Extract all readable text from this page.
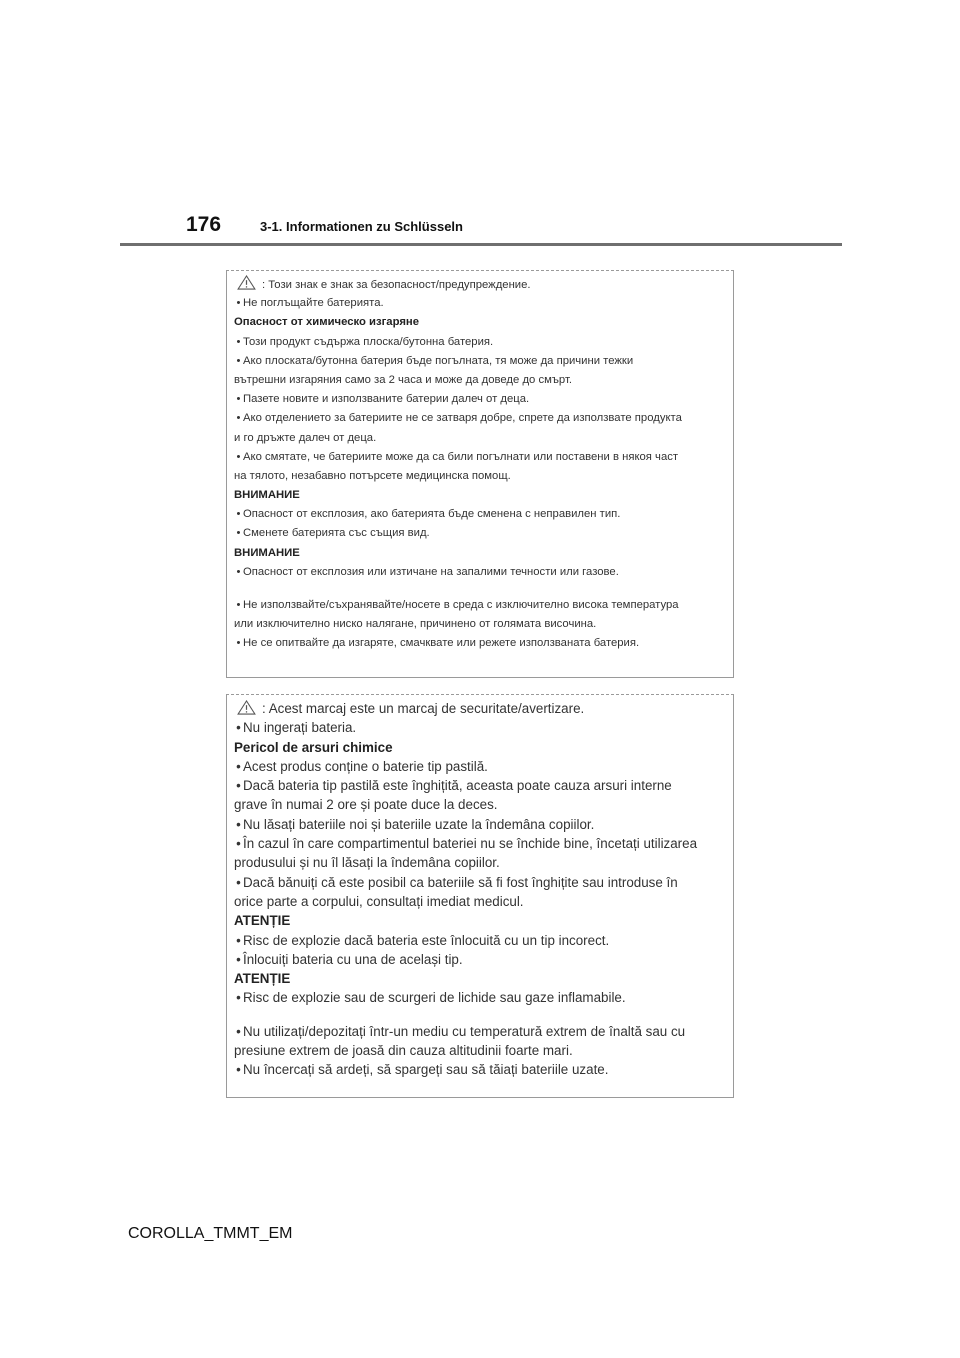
176	3-1. Informationen zu Schlüsseln
: Този знак е знак за безопасност/предупреждение.
• Не поглъщайте батерията.
Опасност от химическо изгаряне
• Този продукт съдържа плоска/бутонна батерия.
• Ако плоската/бутонна батерия бъде погълната, тя може да причини тежки
вътрешни изгаряния само за 2 часа и може да доведе до смърт.
• Пазете новите и използваните батерии далеч от деца.
• Ако отделението за батериите не се затваря добре, спрете да използвате продукта
и го дръжте далеч от деца.
• Ако смятате, че батериите може да са били погълнати или поставени в някоя част
на тялото, незабавно потърсете медицинска помощ.
ВНИМАНИЕ
• Опасност от експлозия, ако батерията бъде сменена с неправилен тип.
• Сменете батерията със същия вид.
ВНИМАНИЕ
• Опасност от експлозия или изтичане на запалими течности или газове.
• Не използвайте/съхранявайте/носете в среда с изключително висока температура
или изключително ниско налягане, причинено от голямата височина.
• Не се опитвайте да изгаряте, смачквате или режете използваната батерия.
: Acest marcaj este un marcaj de securitate/avertizare.
• Nu ingerați bateria.
Pericol de arsuri chimice
• Acest produs conține o baterie tip pastilă.
• Dacă bateria tip pastilă este înghițită, aceasta poate cauza arsuri interne
grave în numai 2 ore și poate duce la deces.
• Nu lăsați bateriile noi și bateriile uzate la îndemâna copiilor.
• În cazul în care compartimentul bateriei nu se închide bine, încetați utilizarea
produsului și nu îl lăsați la îndemâna copiilor.
• Dacă bănuiți că este posibil ca bateriile să fi fost înghițite sau introduse în
orice parte a corpului, consultați imediat medicul.
ATENȚIE
• Risc de explozie dacă bateria este înlocuită cu un tip incorect.
• Înlocuiți bateria cu una de același tip.
ATENȚIE
• Risc de explozie sau de scurgeri de lichide sau gaze inflamabile.
• Nu utilizați/depozitați într-un mediu cu temperatură extrem de înaltă sau cu
presiune extrem de joasă din cauza altitudinii foarte mari.
• Nu încercați să ardeți, să spargeți sau să tăiați bateriile uzate.
COROLLA_TMMT_EM
